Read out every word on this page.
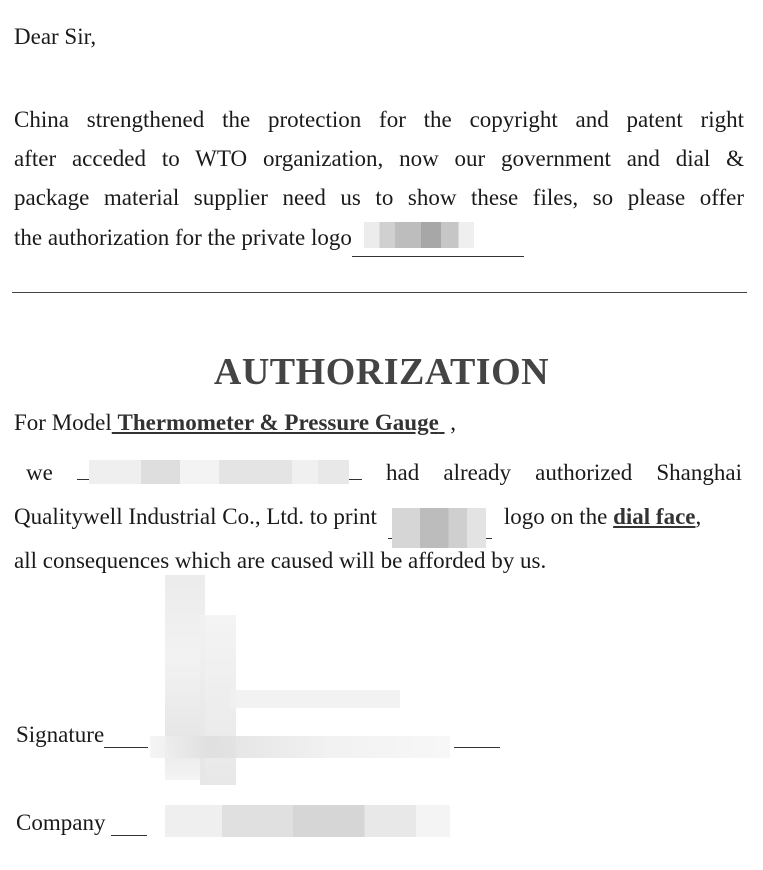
Dear Sir,
China strengthened the protection for the copyright and patent right
after acceded to WTO organization, now our government and dial &
package material supplier need us to show these files, so please offer
the authorization for the private logo
AUTHORIZATION
For Model Thermometer & Pressure Gauge  ,
we	had already authorized Shanghai
Qualitywell Industrial Co., Ltd. to print	logo on the dial face,
all consequences which are caused will be afforded by us.
Signature
Company
